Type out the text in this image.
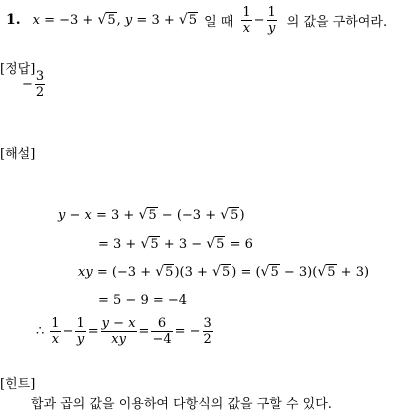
1. x = −3 + √5, y = 3 + √5 일 때 $\frac{1}{x} - \frac{1}{y}$ 의 값을 구하여라.
[정답]
− $\frac{3}{2}$
[해설]
y − x = 3 + √5 − (−3 + √5)
= 3 + √5 + 3 − √5 = 6
xy = (−3 + √5)(3 + √5) = (√5 − 3)(√5 + 3)
= 5 − 9 = −4
∴ $\frac{1}{x} - \frac{1}{y} = \frac{y - x}{xy} = \frac{6}{-4}$ = − $\frac{3}{2}$
[힌트]
합과 곱의 값을 이용하여 다항식의 값을 구할 수 있다.
